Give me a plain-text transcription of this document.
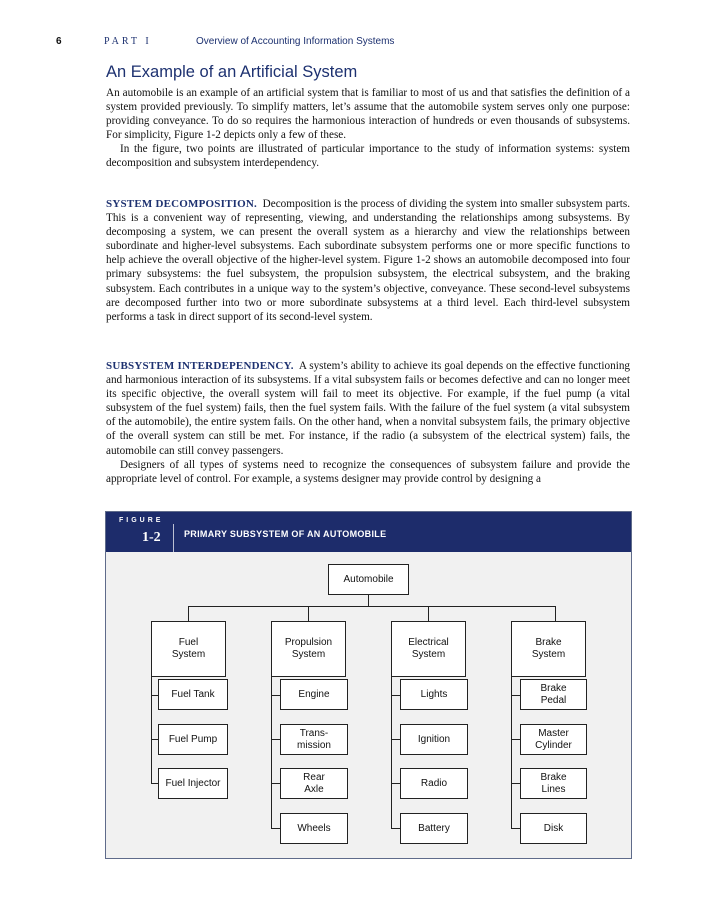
6	PART I	Overview of Accounting Information Systems
An Example of an Artificial System

An automobile is an example of an artificial system that is familiar to most of us and that satisfies the definition of a system provided previously. To simplify matters, let’s assume that the automobile system serves only one purpose: providing conveyance. To do so requires the harmonious interaction of hundreds or even thousands of subsystems. For simplicity, Figure 1-2 depicts only a few of these.

In the figure, two points are illustrated of particular importance to the study of information systems: system decomposition and subsystem interdependency.

SYSTEM DECOMPOSITION. Decomposition is the process of dividing the system into smaller subsystem parts. This is a convenient way of representing, viewing, and understanding the relationships among subsystems. By decomposing a system, we can present the overall system as a hierarchy and view the relationships between subordinate and higher-level subsystems. Each subordinate subsystem performs one or more specific functions to help achieve the overall objective of the higher-level system. Figure 1-2 shows an automobile decomposed into four primary subsystems: the fuel subsystem, the propulsion subsystem, the electrical subsystem, and the braking subsystem. Each contributes in a unique way to the system’s objective, conveyance. These second-level subsystems are decomposed further into two or more subordinate subsystems at a third level. Each third-level subsystem performs a task in direct support of its second-level system.

SUBSYSTEM INTERDEPENDENCY. A system’s ability to achieve its goal depends on the effective functioning and harmonious interaction of its subsystems. If a vital subsystem fails or becomes defective and can no longer meet its specific objective, the overall system will fail to meet its objective. For example, if the fuel pump (a vital subsystem of the fuel system) fails, then the fuel system fails. With the failure of the fuel system (a vital subsystem of the automobile), the entire system fails. On the other hand, when a nonvital subsystem fails, the primary objective of the overall system can still be met. For instance, if the radio (a subsystem of the electrical system) fails, the automobile can still convey passengers.

Designers of all types of systems need to recognize the consequences of subsystem failure and provide the appropriate level of control. For example, a systems designer may provide control by designing a

FIGURE
1-2	PRIMARY SUBSYSTEM OF AN AUTOMOBILE
Automobile
Fuel
System
Propulsion
System
Electrical
System
Brake
System
Fuel Tank
Fuel Pump
Fuel Injector
Engine
Trans-
mission
Rear
Axle
Wheels
Lights
Ignition
Radio
Battery
Brake
Pedal
Master
Cylinder
Brake
Lines
Disk
